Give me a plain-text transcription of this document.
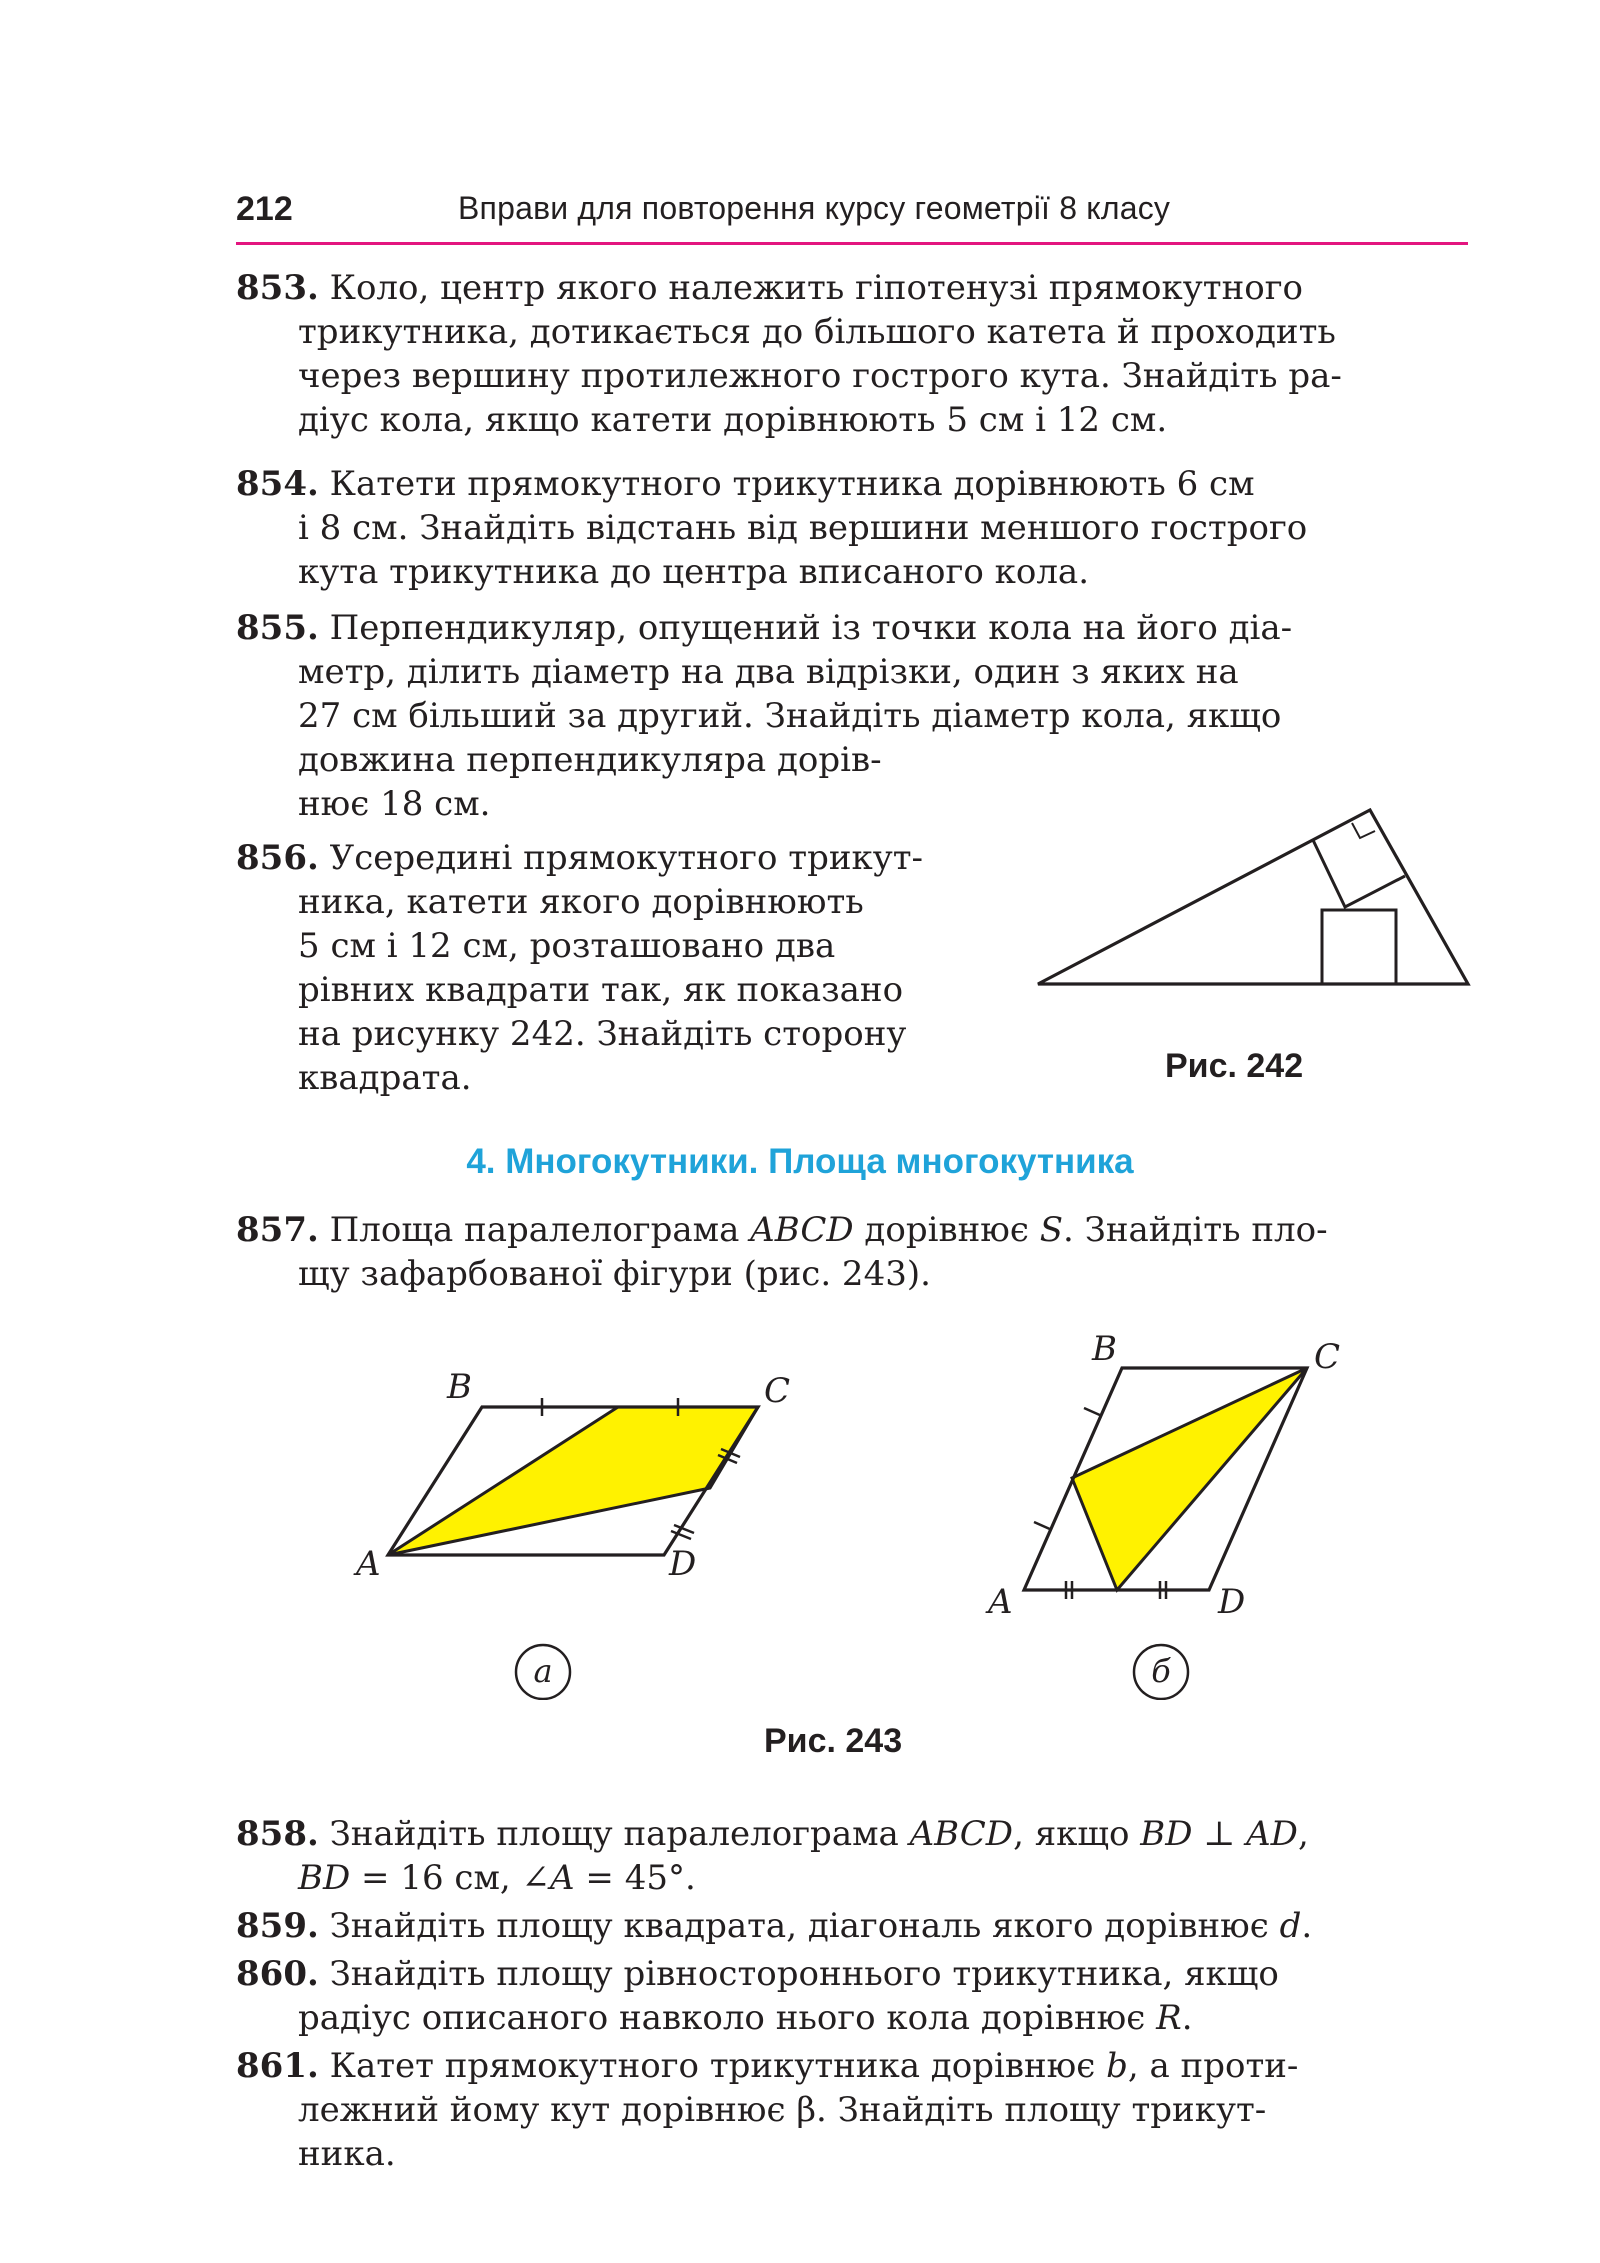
212	Вправи для повторення курсу геометрії 8 класу
853. Коло, центр якого належить гіпотенузі прямокутного
трикутника, дотикається до більшого катета й проходить
через вершину протилежного гострого кута. Знайдіть ра-
діус кола, якщо катети дорівнюють 5 см і 12 см.
854. Катети прямокутного трикутника дорівнюють 6 см
і 8 см. Знайдіть відстань від вершини меншого гострого
кута трикутника до центра вписаного кола.
855. Перпендикуляр, опущений із точки кола на його діа-
метр, ділить діаметр на два відрізки, один з яких на
27 см більший за другий. Знайдіть діаметр кола, якщо
довжина перпендикуляра дорів-
нює 18 см.
856. Усередині прямокутного трикут-
ника, катети якого дорівнюють
5 см і 12 см, розташовано два
рівних квадрати так, як показано
на рисунку 242. Знайдіть сторону
квадрата.	Рис. 242
4. Многокутники. Площа многокутника
857. Площа паралелограма ABCD дорівнює S. Знайдіть пло-
щу зафарбованої фігури (рис. 243).
B	C
A	D
а
B	C
A	D
б
Рис. 243
858. Знайдіть площу паралелограма ABCD, якщо BD ⊥ AD,
BD = 16 см, ∠A = 45°.
859. Знайдіть площу квадрата, діагональ якого дорівнює d.
860. Знайдіть площу рівностороннього трикутника, якщо
радіус описаного навколо нього кола дорівнює R.
861. Катет прямокутного трикутника дорівнює b, а проти-
лежний йому кут дорівнює β. Знайдіть площу трикут-
ника.
